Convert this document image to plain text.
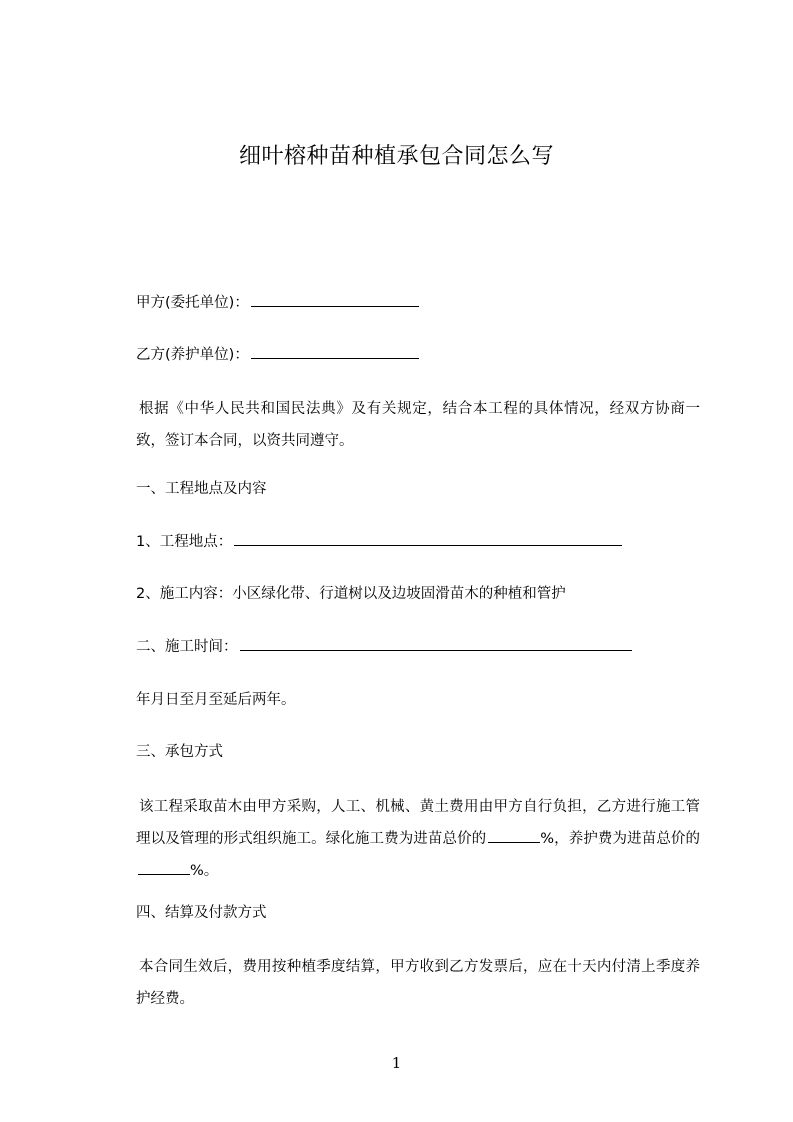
细叶榕种苗种植承包合同怎么写
甲方(委托单位)：
乙方(养护单位)：
根据《中华人民共和国民法典》及有关规定，结合本工程的具体情况，经双方协商一致，签订本合同，以资共同遵守。
一、工程地点及内容
1、工程地点：
2、施工内容：小区绿化带、行道树以及边坡固滑苗木的种植和管护
二、施工时间：
年月日至月至延后两年。
三、承包方式
该工程采取苗木由甲方采购，人工、机械、黄土费用由甲方自行负担，乙方进行施工管理以及管理的形式组织施工。绿化施工费为进苗总价的	%，养护费为进苗总价的%。
四、结算及付款方式
本合同生效后，费用按种植季度结算，甲方收到乙方发票后，应在十天内付清上季度养护经费。
1
